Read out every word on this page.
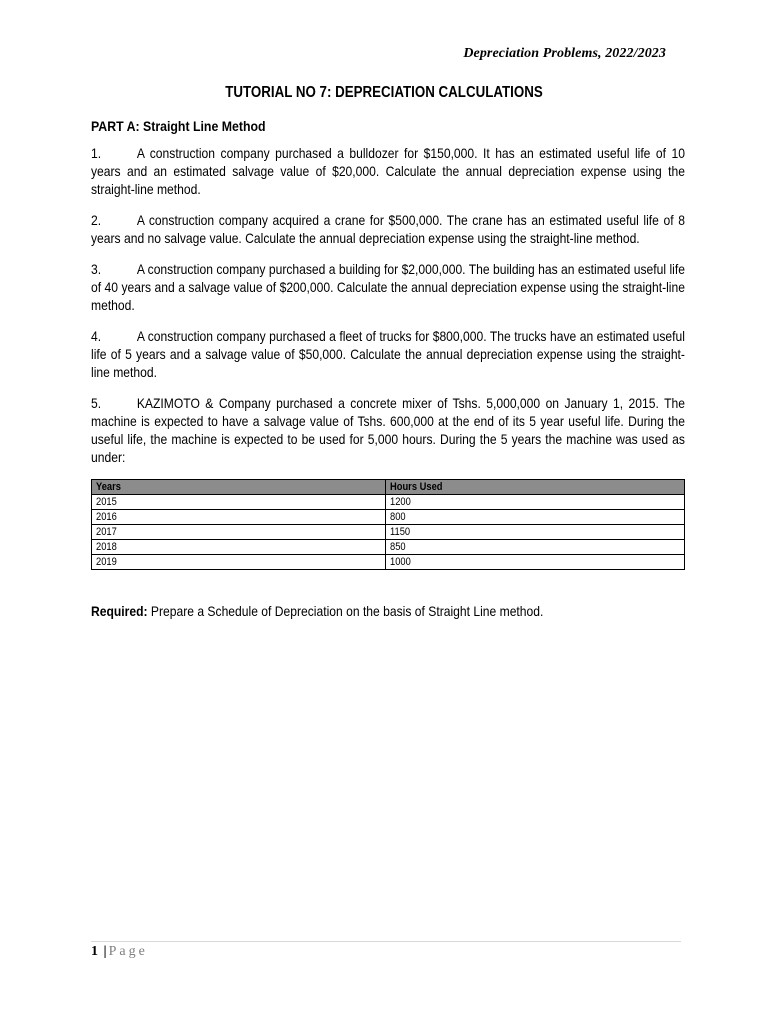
Depreciation Problems, 2022/2023
TUTORIAL NO 7: DEPRECIATION CALCULATIONS
PART A: Straight Line Method

1.	A construction company purchased a bulldozer for $150,000. It has an estimated useful life of 10 years and an estimated salvage value of $20,000. Calculate the annual depreciation expense using the straight-line method.

2.	A construction company acquired a crane for $500,000. The crane has an estimated useful life of 8 years and no salvage value. Calculate the annual depreciation expense using the straight-line method.

3.	A construction company purchased a building for $2,000,000. The building has an estimated useful life of 40 years and a salvage value of $200,000. Calculate the annual depreciation expense using the straight-line method.

4.	A construction company purchased a fleet of trucks for $800,000. The trucks have an estimated useful life of 5 years and a salvage value of $50,000. Calculate the annual depreciation expense using the straight-line method.

5.	KAZIMOTO & Company purchased a concrete mixer of Tshs. 5,000,000 on January 1, 2015. The machine is expected to have a salvage value of Tshs. 600,000 at the end of its 5 year useful life. During the useful life, the machine is expected to be used for 5,000 hours. During the 5 years the machine was used as under:

Years	Hours Used
2015	1200
2016	800
2017	1150
2018	850
2019	1000
Required: Prepare a Schedule of Depreciation on the basis of Straight Line method.
1 | Page
